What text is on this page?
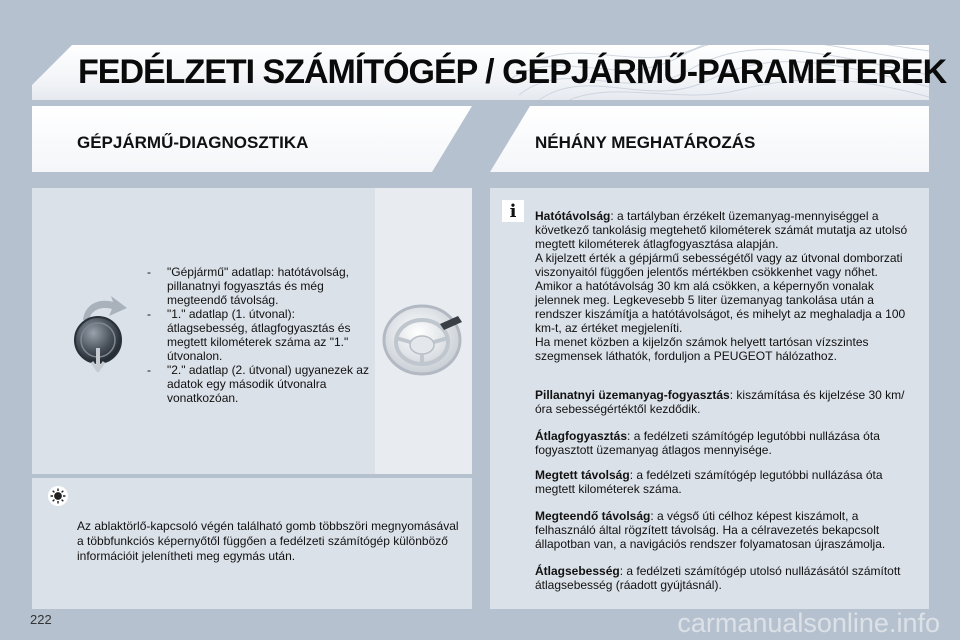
FEDÉLZETI SZÁMÍTÓGÉP / GÉPJÁRMŰ-PARAMÉTEREK
GÉPJÁRMŰ-DIAGNOSZTIKA	NÉHÁNY MEGHATÁROZÁS
- "Gépjármű" adatlap: hatótávolság, pillanatnyi fogyasztás és még megteendő távolság.
- "1." adatlap (1. útvonal): átlagsebesség, átlagfogyasztás és megtett kilométerek száma az "1." útvonalon.
- "2." adatlap (2. útvonal) ugyanezek az adatok egy második útvonalra vonatkozóan.

Az ablaktörlő-kapcsoló végén található gomb többszöri megnyomásával a többfunkciós képernyőtől függően a fedélzeti számítógép különböző információit jelenítheti meg egymás után.

i Hatótávolság: a tartályban érzékelt üzemanyag-mennyiséggel a következő tankolásig megtehető kilométerek számát mutatja az utolsó megtett kilométerek átlagfogyasztása alapján.
A kijelzett érték a gépjármű sebességétől vagy az útvonal domborzati viszonyaitól függően jelentős mértékben csökkenhet vagy nőhet.
Amikor a hatótávolság 30 km alá csökken, a képernyőn vonalak jelennek meg. Legkevesebb 5 liter üzemanyag tankolása után a rendszer kiszámítja a hatótávolságot, és mihelyt az meghaladja a 100 km-t, az értéket megjeleníti.
Ha menet közben a kijelzőn számok helyett tartósan vízszintes szegmensek láthatók, forduljon a PEUGEOT hálózathoz.

Pillanatnyi üzemanyag-fogyasztás: kiszámítása és kijelzése 30 km/óra sebességértéktől kezdődik.

Átlagfogyasztás: a fedélzeti számítógép legutóbbi nullázása óta fogyasztott üzemanyag átlagos mennyisége.

Megtett távolság: a fedélzeti számítógép legutóbbi nullázása óta megtett kilométerek száma.

Megteendő távolság: a végső úti célhoz képest kiszámolt, a felhasználó által rögzített távolság. Ha a célravezetés bekapcsolt állapotban van, a navigációs rendszer folyamatosan újraszámolja.

Átlagsebesség: a fedélzeti számítógép utolsó nullázásától számított átlagsebesség (ráadott gyújtásnál).

222	carmanualsonline.info
